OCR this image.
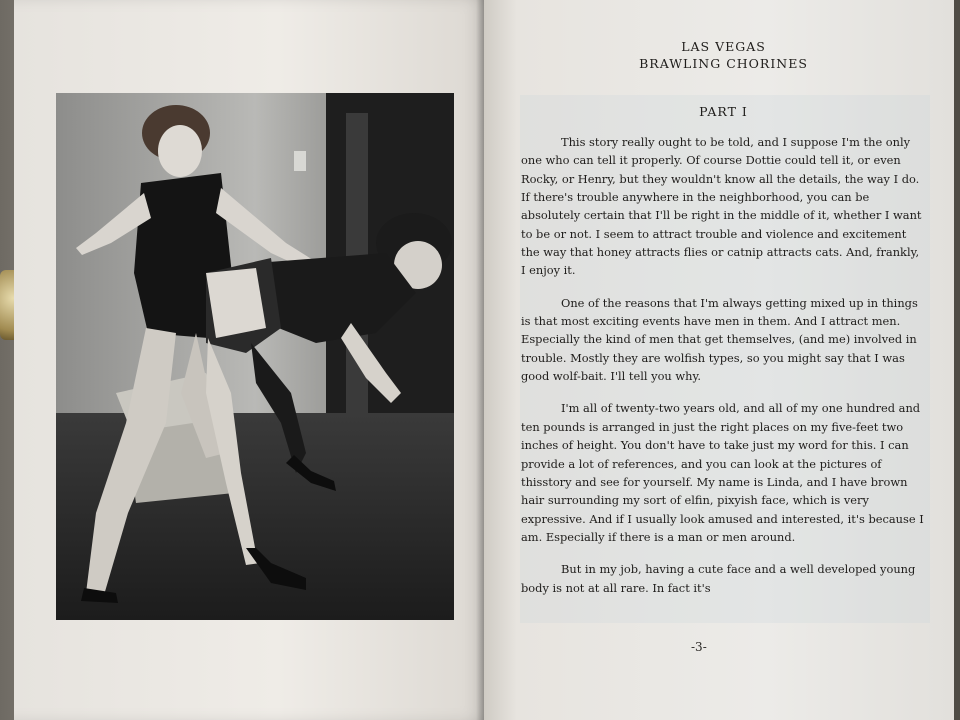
LAS VEGAS

BRAWLING CHORINES

PART I

This story really ought to be told, and I suppose I'm the only one who can tell it properly. Of course Dottie could tell it, or even Rocky, or Henry, but they wouldn't know all the details, the way I do. If there's trouble anywhere in the neighborhood, you can be absolutely certain that I'll be right in the middle of it, whether I want to be or not. I seem to attract trouble and violence and excitement the way that honey attracts flies or catnip attracts cats. And, frankly, I enjoy it.

One of the reasons that I'm always getting mixed up in things is that most exciting events have men in them. And I attract men. Especially the kind of men that get themselves, (and me) involved in trouble. Mostly they are wolfish types, so you might say that I was good wolf-bait. I'll tell you why.

I'm all of twenty-two years old, and all of my one hundred and ten pounds is arranged in just the right places on my five-feet two inches of height. You don't have to take just my word for this. I can provide a lot of references, and you can look at the pictures of thisstory and see for yourself. My name is Linda, and I have brown hair surrounding my sort of elfin, pixyish face, which is very expressive. And if I usually look amused and interested, it's because I am. Especially if there is a man or men around.

But in my job, having a cute face and a well developed young body is not at all rare. In fact it's

-3-
